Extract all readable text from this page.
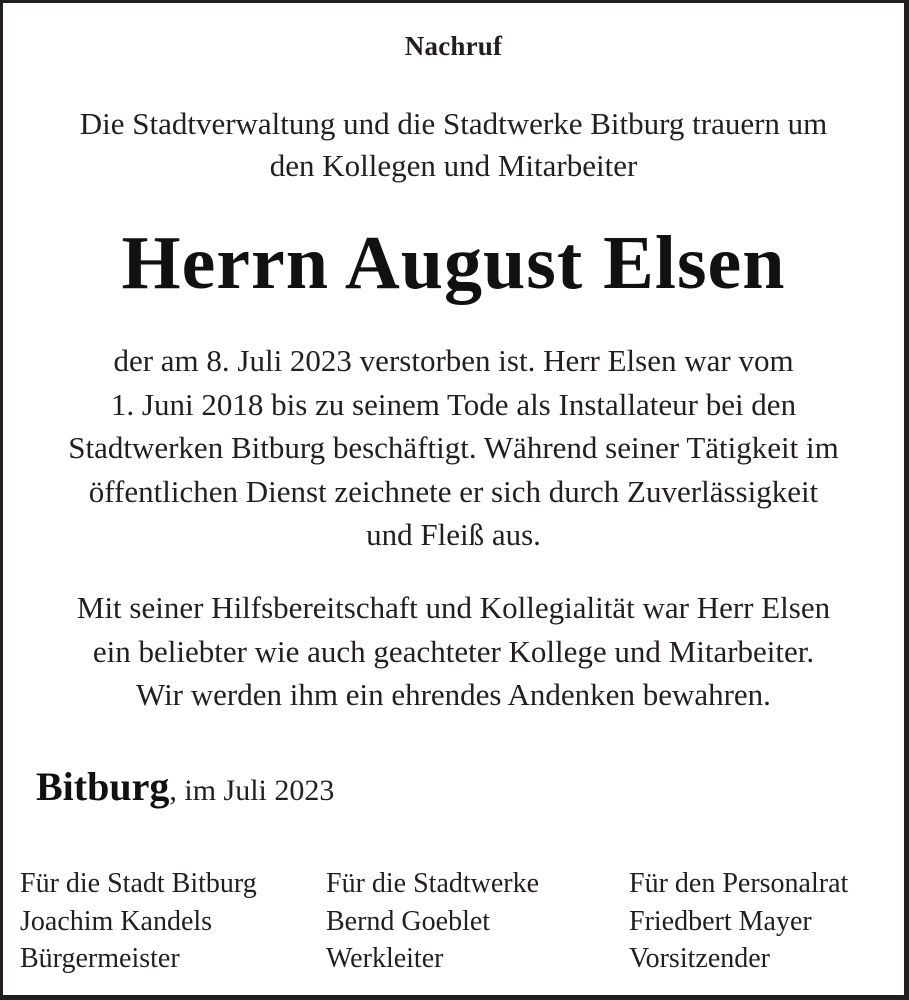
Nachruf
Die Stadtverwaltung und die Stadtwerke Bitburg trauern um
den Kollegen und Mitarbeiter
Herrn August Elsen
der am 8. Juli 2023 verstorben ist. Herr Elsen war vom
1. Juni 2018 bis zu seinem Tode als Installateur bei den
Stadtwerken Bitburg beschäftigt. Während seiner Tätigkeit im
öffentlichen Dienst zeichnete er sich durch Zuverlässigkeit
und Fleiß aus.
Mit seiner Hilfsbereitschaft und Kollegialität war Herr Elsen
ein beliebter wie auch geachteter Kollege und Mitarbeiter.
Wir werden ihm ein ehrendes Andenken bewahren.
Bitburg, im Juli 2023
Für die Stadt Bitburg
Joachim Kandels
Bürgermeister
Für die Stadtwerke
Bernd Goeblet
Werkleiter
Für den Personalrat
Friedbert Mayer
Vorsitzender
